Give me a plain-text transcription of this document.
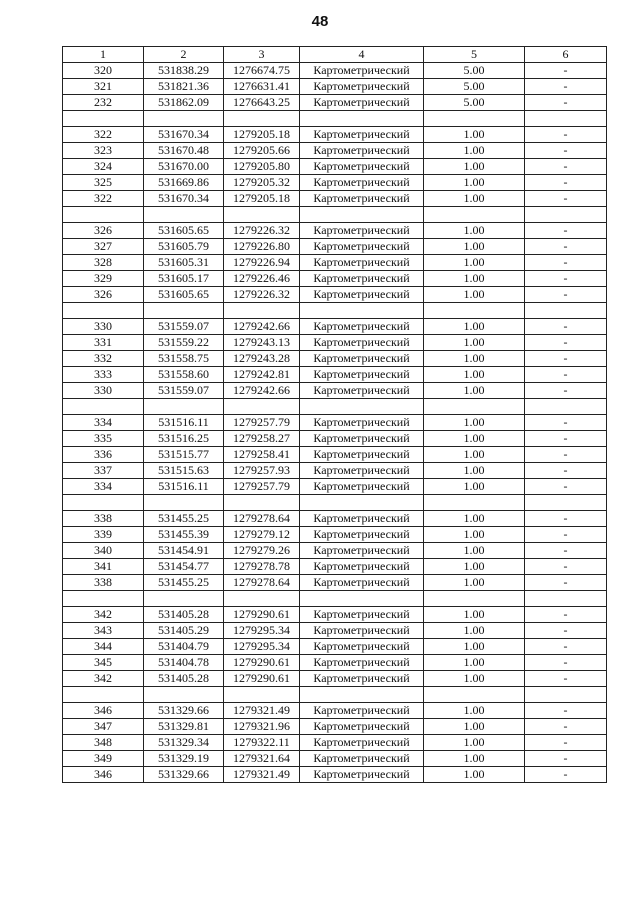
48
1	2	3	4	5	6
320	531838.29	1276674.75	Картометрический	5.00	-
321	531821.36	1276631.41	Картометрический	5.00	-
232	531862.09	1276643.25	Картометрический	5.00	-

322	531670.34	1279205.18	Картометрический	1.00	-
323	531670.48	1279205.66	Картометрический	1.00	-
324	531670.00	1279205.80	Картометрический	1.00	-
325	531669.86	1279205.32	Картометрический	1.00	-
322	531670.34	1279205.18	Картометрический	1.00	-

326	531605.65	1279226.32	Картометрический	1.00	-
327	531605.79	1279226.80	Картометрический	1.00	-
328	531605.31	1279226.94	Картометрический	1.00	-
329	531605.17	1279226.46	Картометрический	1.00	-
326	531605.65	1279226.32	Картометрический	1.00	-

330	531559.07	1279242.66	Картометрический	1.00	-
331	531559.22	1279243.13	Картометрический	1.00	-
332	531558.75	1279243.28	Картометрический	1.00	-
333	531558.60	1279242.81	Картометрический	1.00	-
330	531559.07	1279242.66	Картометрический	1.00	-

334	531516.11	1279257.79	Картометрический	1.00	-
335	531516.25	1279258.27	Картометрический	1.00	-
336	531515.77	1279258.41	Картометрический	1.00	-
337	531515.63	1279257.93	Картометрический	1.00	-
334	531516.11	1279257.79	Картометрический	1.00	-

338	531455.25	1279278.64	Картометрический	1.00	-
339	531455.39	1279279.12	Картометрический	1.00	-
340	531454.91	1279279.26	Картометрический	1.00	-
341	531454.77	1279278.78	Картометрический	1.00	-
338	531455.25	1279278.64	Картометрический	1.00	-

342	531405.28	1279290.61	Картометрический	1.00	-
343	531405.29	1279295.34	Картометрический	1.00	-
344	531404.79	1279295.34	Картометрический	1.00	-
345	531404.78	1279290.61	Картометрический	1.00	-
342	531405.28	1279290.61	Картометрический	1.00	-

346	531329.66	1279321.49	Картометрический	1.00	-
347	531329.81	1279321.96	Картометрический	1.00	-
348	531329.34	1279322.11	Картометрический	1.00	-
349	531329.19	1279321.64	Картометрический	1.00	-
346	531329.66	1279321.49	Картометрический	1.00	-
